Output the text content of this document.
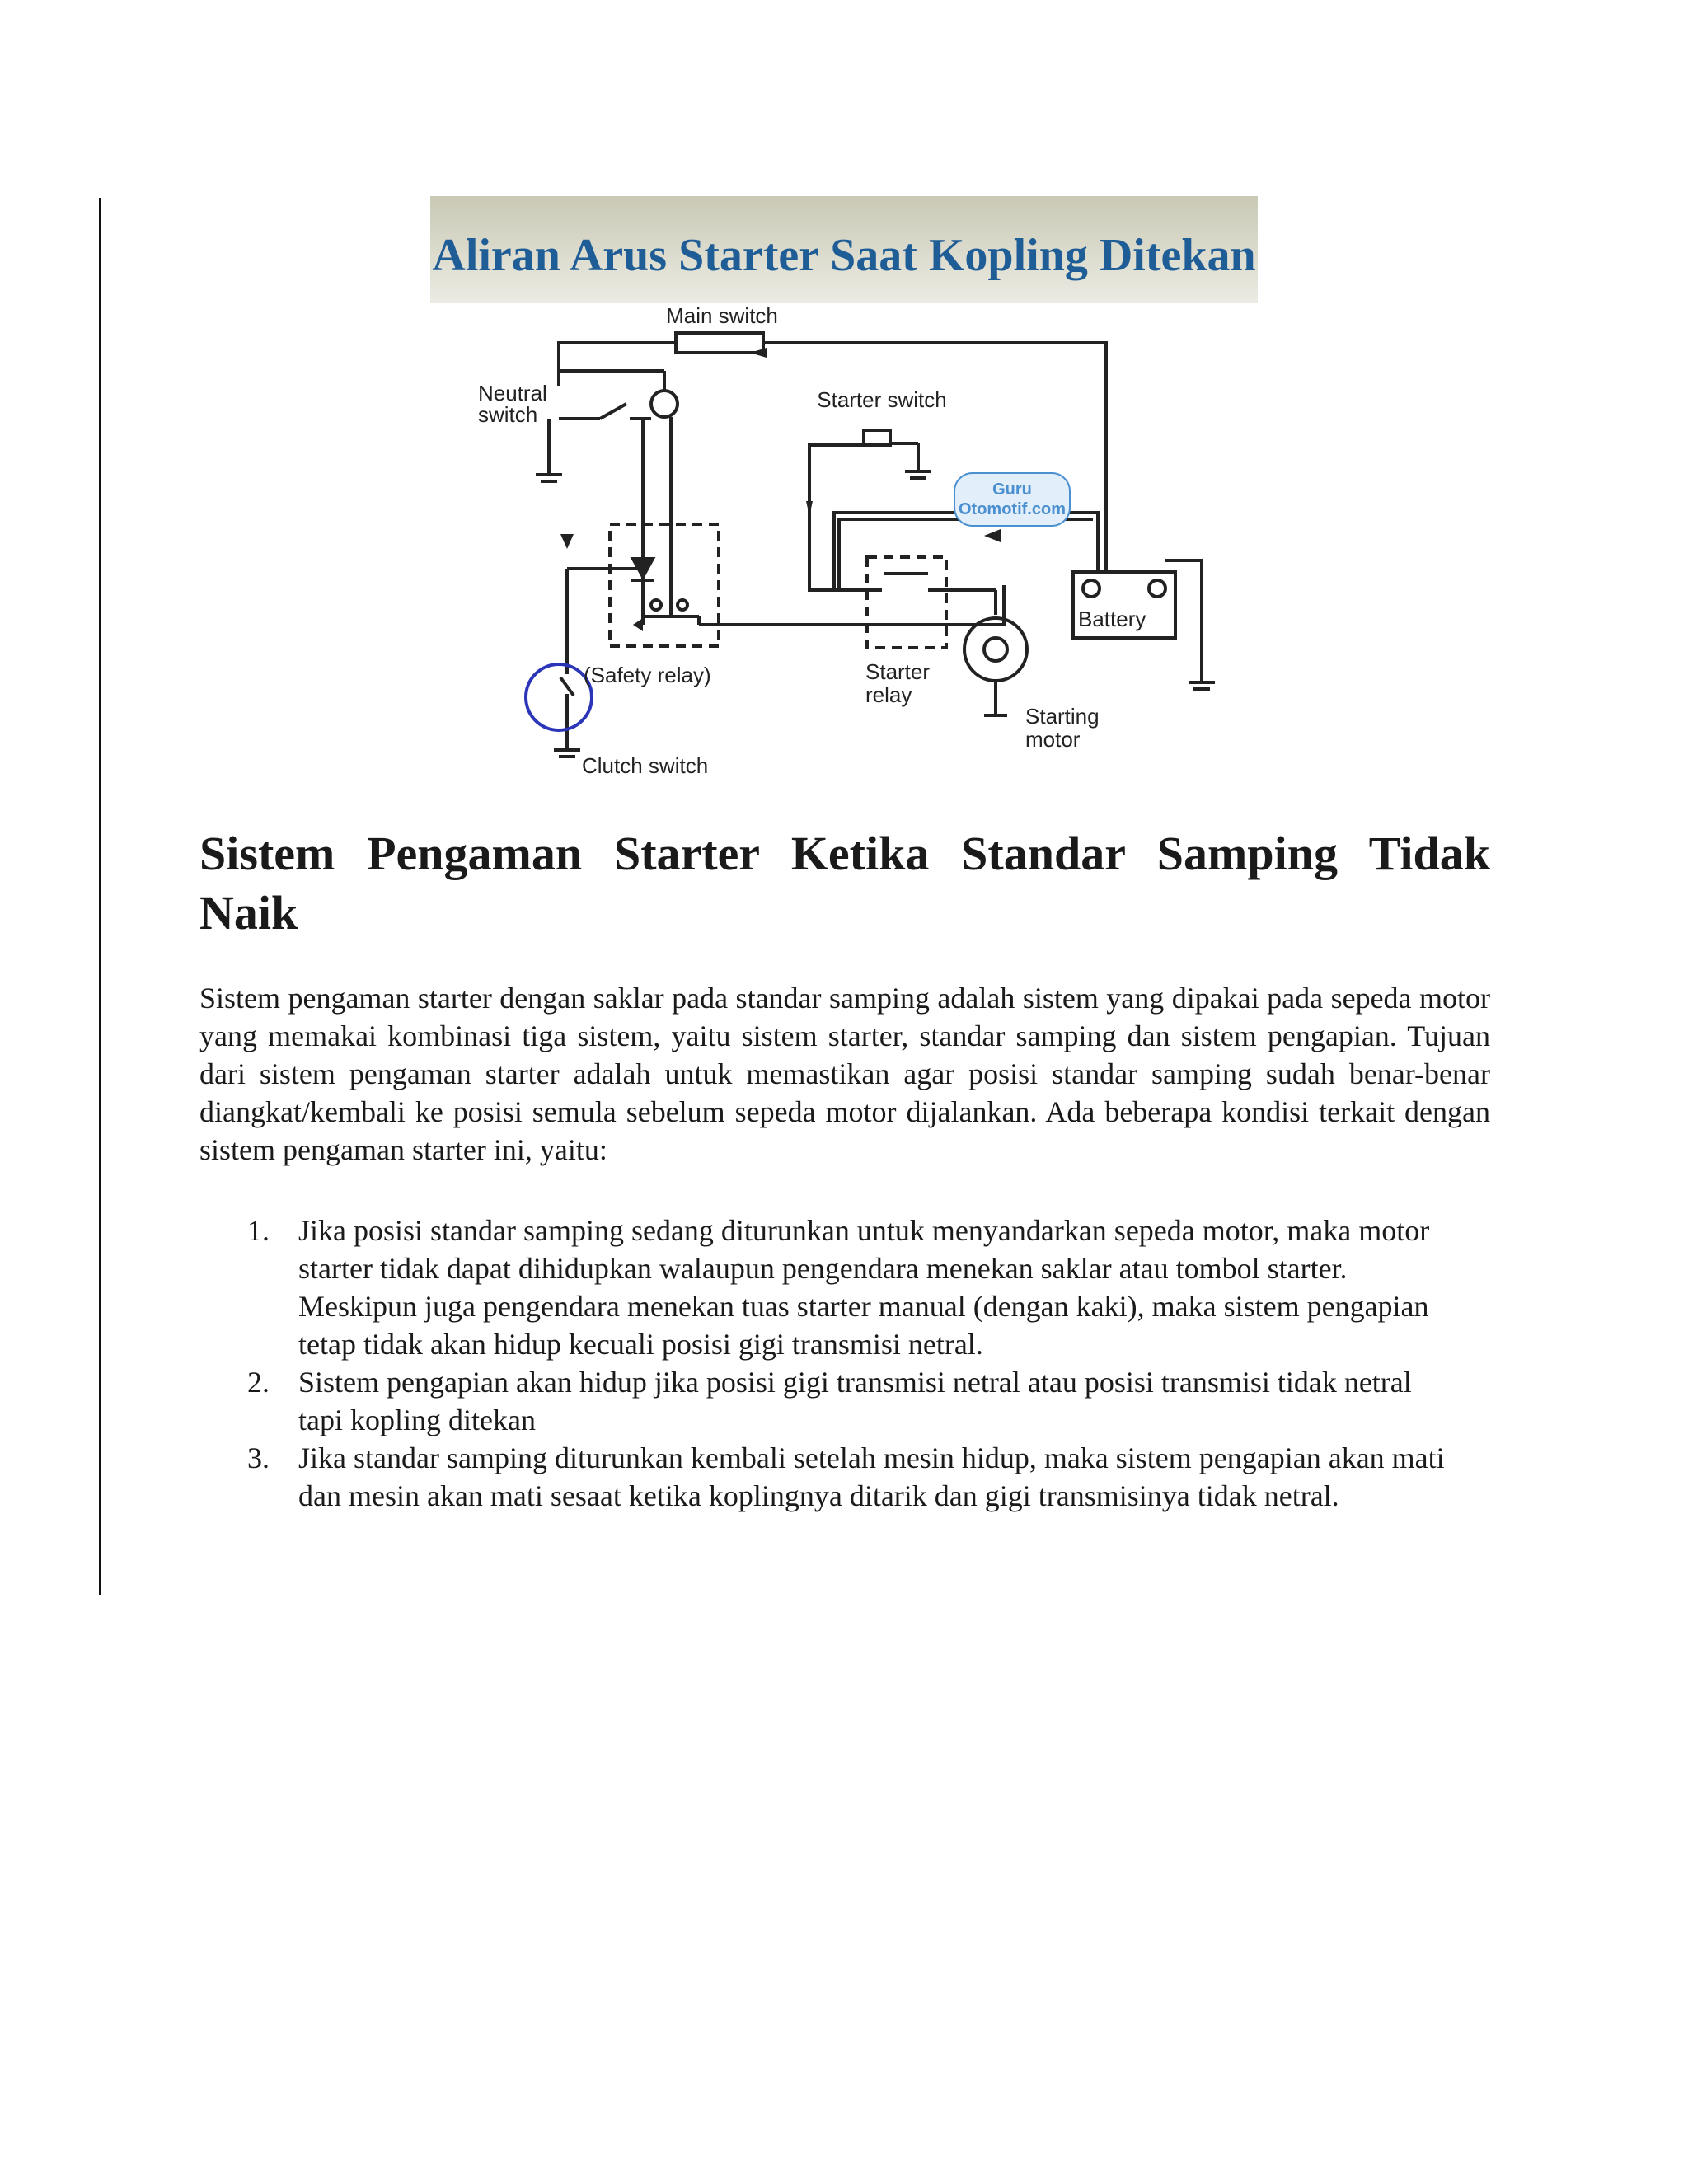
Aliran Arus Starter Saat Kopling Ditekan
Guru
Otomotif.com
Main switch
Neutral
switch
Starter switch
Battery
(Safety relay)	Starter
relay
Starting
motor
Clutch switch
Sistem Pengaman Starter Ketika Standar Samping Tidak Naik

Sistem pengaman starter dengan saklar pada standar samping adalah sistem yang dipakai pada sepeda motor yang memakai kombinasi tiga sistem, yaitu sistem starter, standar samping dan sistem pengapian. Tujuan dari sistem pengaman starter adalah untuk memastikan agar posisi standar samping sudah benar-benar diangkat/kembali ke posisi semula sebelum sepeda motor dijalankan. Ada beberapa kondisi terkait dengan sistem pengaman starter ini, yaitu:

1. Jika posisi standar samping sedang diturunkan untuk menyandarkan sepeda motor, maka motor starter tidak dapat dihidupkan walaupun pengendara menekan saklar atau tombol starter. Meskipun juga pengendara menekan tuas starter manual (dengan kaki), maka sistem pengapian tetap tidak akan hidup kecuali posisi gigi transmisi netral.
2. Sistem pengapian akan hidup jika posisi gigi transmisi netral atau posisi transmisi tidak netral tapi kopling ditekan
3. Jika standar samping diturunkan kembali setelah mesin hidup, maka sistem pengapian akan mati dan mesin akan mati sesaat ketika koplingnya ditarik dan gigi transmisinya tidak netral.
